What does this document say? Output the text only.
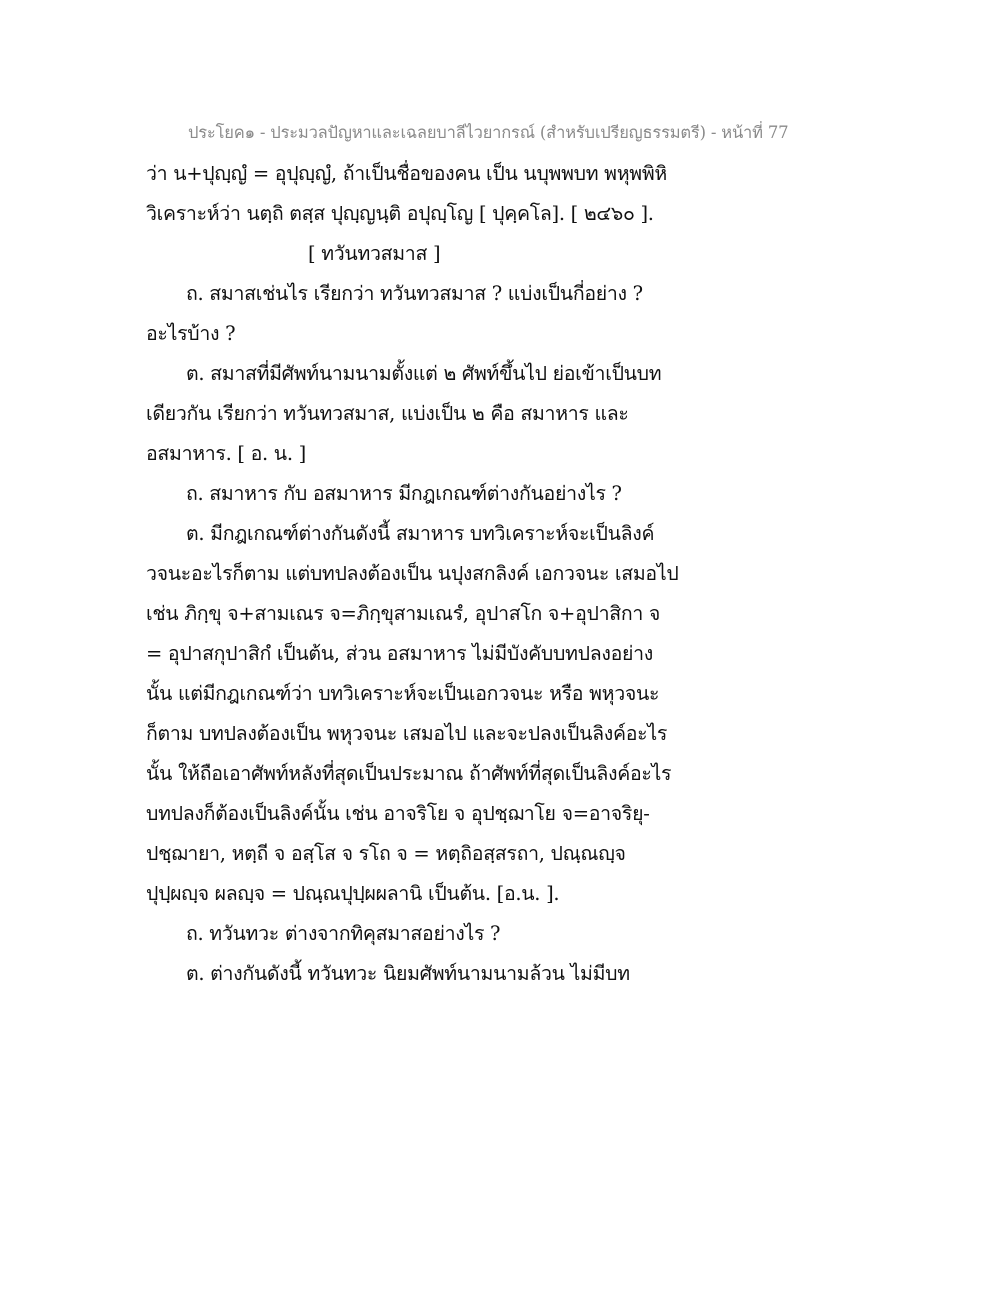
ประโยค๑ - ประมวลปัญหาและเฉลยบาลีไวยากรณ์ (สำหรับเปรียญธรรมตรี) - หน้าที่ 77
ว่า น+ปุญฺญํ = อุปุญฺญํ, ถ้าเป็นชื่อของคน เป็น นบุพพบท พหุพพิหิ
วิเคราะห์ว่า นตฺถิ ตสฺส ปุญฺญนฺติ อปุญฺโญ [ ปุคฺคโล]. [ ๒๔๖๐ ].
[ ทวันทวสมาส ]
ถ. สมาสเช่นไร เรียกว่า ทวันทวสมาส ? แบ่งเป็นกี่อย่าง ?
อะไรบ้าง ?
ต. สมาสที่มีศัพท์นามนามตั้งแต่ ๒ ศัพท์ขึ้นไป ย่อเข้าเป็นบท
เดียวกัน เรียกว่า ทวันทวสมาส, แบ่งเป็น ๒ คือ สมาหาร และ
อสมาหาร. [ อ. น. ]
ถ. สมาหาร กับ อสมาหาร มีกฎเกณฑ์ต่างกันอย่างไร ?
ต. มีกฎเกณฑ์ต่างกันดังนี้ สมาหาร บทวิเคราะห์จะเป็นลิงค์
วจนะอะไรก็ตาม แต่บทปลงต้องเป็น นปุงสกลิงค์ เอกวจนะ เสมอไป
เช่น ภิกฺขุ จ+สามเณร จ=ภิกฺขุสามเณรํ, อุปาสโก จ+อุปาสิกา จ
= อุปาสกุปาสิกํ เป็นต้น, ส่วน อสมาหาร ไม่มีบังคับบทปลงอย่าง
นั้น แต่มีกฎเกณฑ์ว่า บทวิเคราะห์จะเป็นเอกวจนะ หรือ พหุวจนะ
ก็ตาม บทปลงต้องเป็น พหุวจนะ เสมอไป และจะปลงเป็นลิงค์อะไร
นั้น ให้ถือเอาศัพท์หลังที่สุดเป็นประมาณ ถ้าศัพท์ที่สุดเป็นลิงค์อะไร
บทปลงก็ต้องเป็นลิงค์นั้น เช่น อาจริโย จ อุปชฺฌาโย จ=อาจริยุ-
ปชฺฌายา, หตฺถี จ อสฺโส จ รโถ จ = หตฺถิอสฺสรถา, ปณฺณญฺจ
ปุปฺผญฺจ ผลญฺจ = ปณฺณปุปฺผผลานิ เป็นต้น. [อ.น. ].
ถ. ทวันทวะ ต่างจากทิคุสมาสอย่างไร ?
ต. ต่างกันดังนี้ ทวันทวะ นิยมศัพท์นามนามล้วน ไม่มีบท
